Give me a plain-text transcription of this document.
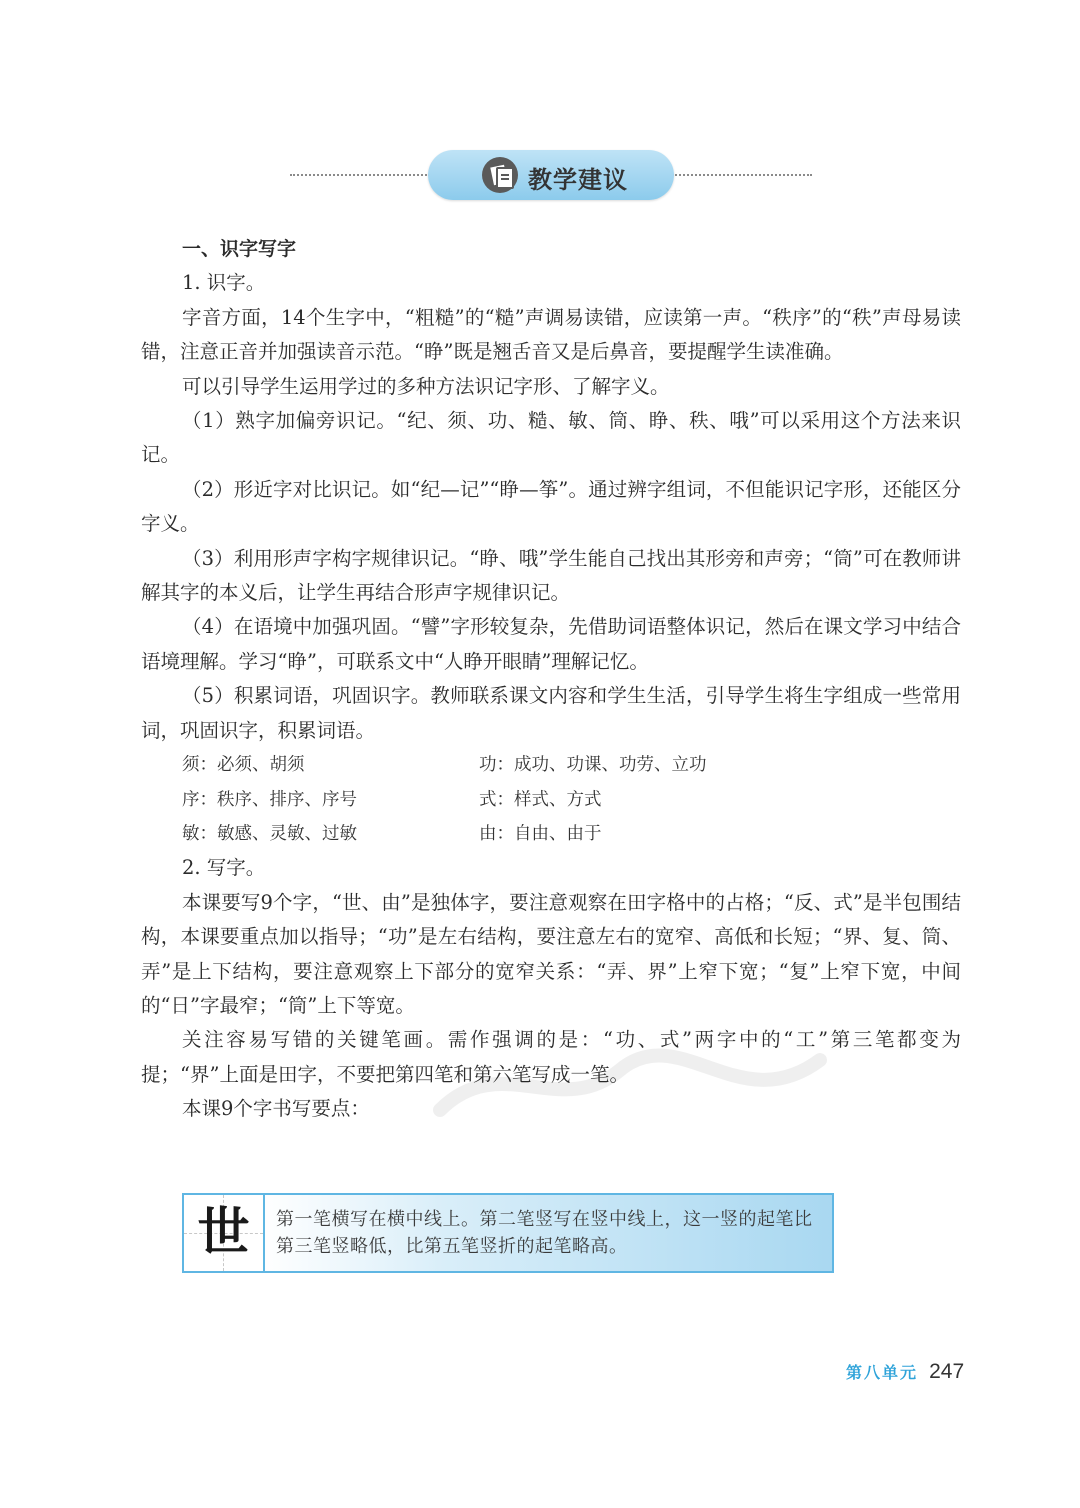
教学建议

一、识字写字

1. 识字。

字音方面，14个生字中，“粗糙”的“糙”声调易读错，应读第一声。“秩序”的“秩”声母易读错，注意正音并加强读音示范。“睁”既是翘舌音又是后鼻音，要提醒学生读准确。

可以引导学生运用学过的多种方法识记字形、了解字义。

（1）熟字加偏旁识记。“纪、须、功、糙、敏、筒、睁、秩、哦”可以采用这个方法来识记。

（2）形近字对比识记。如“纪—记”“睁—筝”。通过辨字组词，不但能识记字形，还能区分字义。

（3）利用形声字构字规律识记。“睁、哦”学生能自己找出其形旁和声旁；“筒”可在教师讲解其字的本义后，让学生再结合形声字规律识记。

（4）在语境中加强巩固。“譬”字形较复杂，先借助词语整体识记，然后在课文学习中结合语境理解。学习“睁”，可联系文中“人睁开眼睛”理解记忆。

（5）积累词语，巩固识字。教师联系课文内容和学生生活，引导学生将生字组成一些常用词，巩固识字，积累词语。

须：必须、胡须	功：成功、功课、功劳、立功
序：秩序、排序、序号	式：样式、方式
敏：敏感、灵敏、过敏	由：自由、由于

2. 写字。

本课要写9个字，“世、由”是独体字，要注意观察在田字格中的占格；“反、式”是半包围结构，本课要重点加以指导；“功”是左右结构，要注意左右的宽窄、高低和长短；“界、复、筒、弄”是上下结构，要注意观察上下部分的宽窄关系：“弄、界”上窄下宽；“复”上窄下宽，中间的“日”字最窄；“筒”上下等宽。

关注容易写错的关键笔画。需作强调的是：“功、式”两字中的“工”第三笔都变为提；“界”上面是田字，不要把第四笔和第六笔写成一笔。

本课9个字书写要点：

世	第一笔横写在横中线上。第二笔竖写在竖中线上，这一竖的起笔比第三笔竖略低，比第五笔竖折的起笔略高。
第八单元 247
